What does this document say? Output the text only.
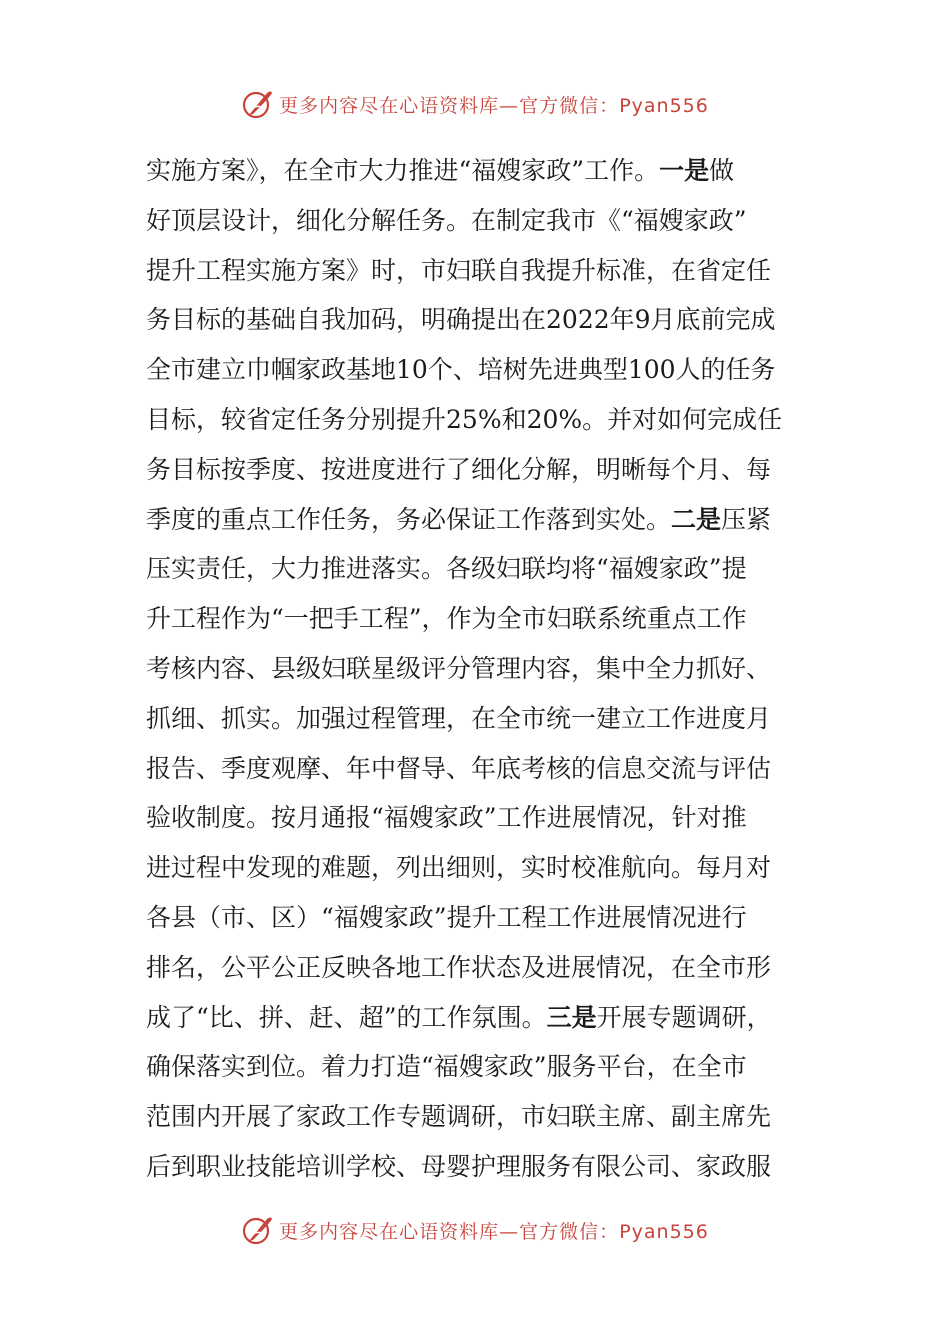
更多内容尽在心语资料库—官方微信：Pyan556
实施方案》，在全市大力推进“福嫂家政”工作。一是做
好顶层设计，细化分解任务。在制定我市《“福嫂家政”
提升工程实施方案》时，市妇联自我提升标准，在省定任
务目标的基础自我加码，明确提出在2022年9月底前完成
全市建立巾帼家政基地10个、培树先进典型100人的任务
目标，较省定任务分别提升25%和20%。并对如何完成任
务目标按季度、按进度进行了细化分解，明晰每个月、每
季度的重点工作任务，务必保证工作落到实处。二是压紧
压实责任，大力推进落实。各级妇联均将“福嫂家政”提
升工程作为“一把手工程”，作为全市妇联系统重点工作
考核内容、县级妇联星级评分管理内容，集中全力抓好、
抓细、抓实。加强过程管理，在全市统一建立工作进度月
报告、季度观摩、年中督导、年底考核的信息交流与评估
验收制度。按月通报“福嫂家政”工作进展情况，针对推
进过程中发现的难题，列出细则，实时校准航向。每月对
各县（市、区）“福嫂家政”提升工程工作进展情况进行
排名，公平公正反映各地工作状态及进展情况，在全市形
成了“比、拼、赶、超”的工作氛围。三是开展专题调研，
确保落实到位。着力打造“福嫂家政”服务平台，在全市
范围内开展了家政工作专题调研，市妇联主席、副主席先
后到职业技能培训学校、母婴护理服务有限公司、家政服
更多内容尽在心语资料库—官方微信：Pyan556
